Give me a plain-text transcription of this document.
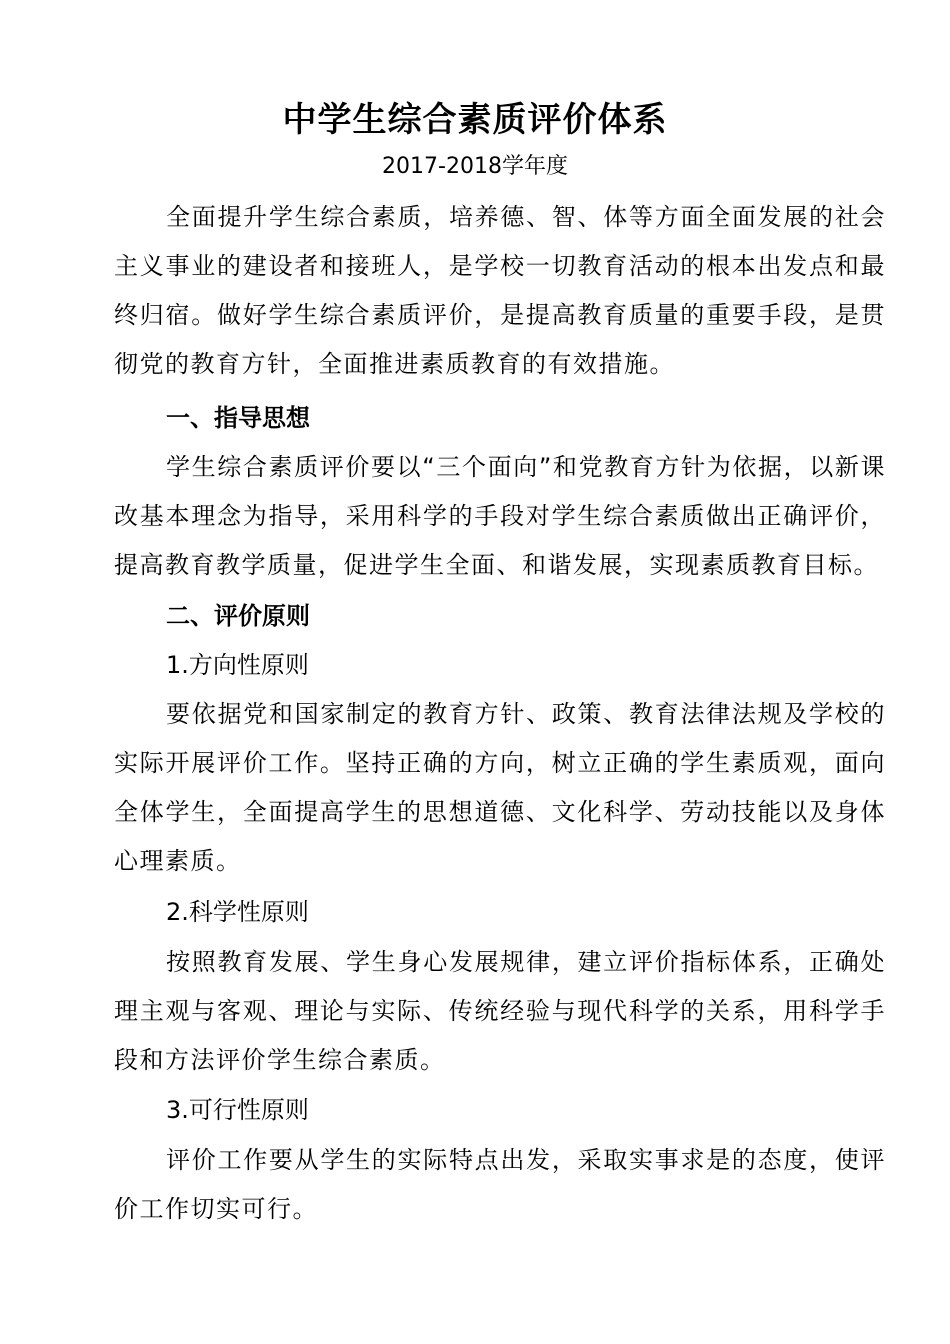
中学生综合素质评价体系
2017-2018学年度

全面提升学生综合素质，培养德、智、体等方面全面发展的社会主义事业的建设者和接班人，是学校一切教育活动的根本出发点和最终归宿。做好学生综合素质评价，是提高教育质量的重要手段，是贯彻党的教育方针，全面推进素质教育的有效措施。

一、指导思想

学生综合素质评价要以“三个面向”和党教育方针为依据，以新课改基本理念为指导，采用科学的手段对学生综合素质做出正确评价，提高教育教学质量，促进学生全面、和谐发展，实现素质教育目标。

二、评价原则
1.方向性原则

要依据党和国家制定的教育方针、政策、教育法律法规及学校的实际开展评价工作。坚持正确的方向，树立正确的学生素质观，面向全体学生，全面提高学生的思想道德、文化科学、劳动技能以及身体心理素质。

2.科学性原则

按照教育发展、学生身心发展规律，建立评价指标体系，正确处理主观与客观、理论与实际、传统经验与现代科学的关系，用科学手段和方法评价学生综合素质。

3.可行性原则

评价工作要从学生的实际特点出发，采取实事求是的态度，使评价工作切实可行。
